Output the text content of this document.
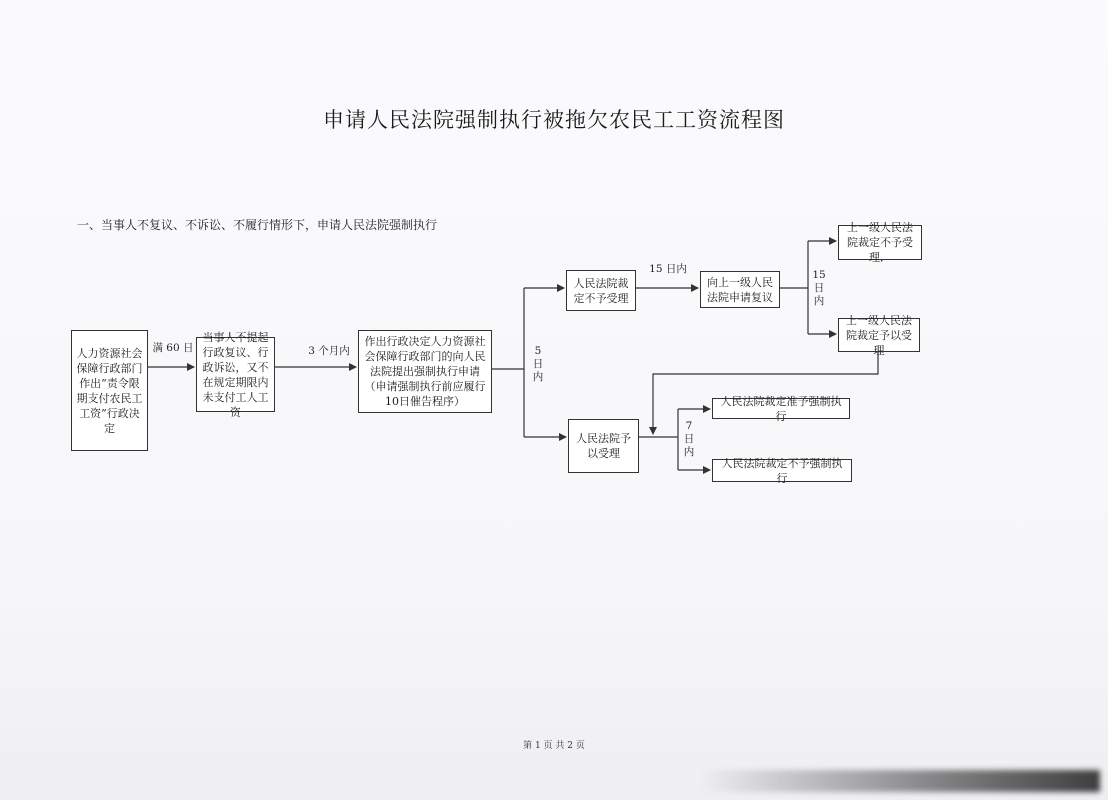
申请人民法院强制执行被拖欠农民工工资流程图
一、当事人不复议、不诉讼、不履行情形下，申请人民法院强制执行
人力资源社会保障行政部门作出“责令限期支付农民工工资”行政决定
当事人不提起行政复议、行政诉讼，又不在规定期限内未支付工人工资
作出行政决定人力资源社会保障行政部门的向人民法院提出强制执行申请（申请强制执行前应履行10日催告程序）
人民法院裁定不予受理
向上一级人民法院申请复议
上一级人民法院裁定不予受理．
上一级人民法院裁定予以受理
人民法院予以受理
人民法院裁定准予强制执行
人民法院裁定不予强制执行
满 60 日	3 个月内	5日内
15 日内	15日内
7日内
第 1 页 共 2 页
